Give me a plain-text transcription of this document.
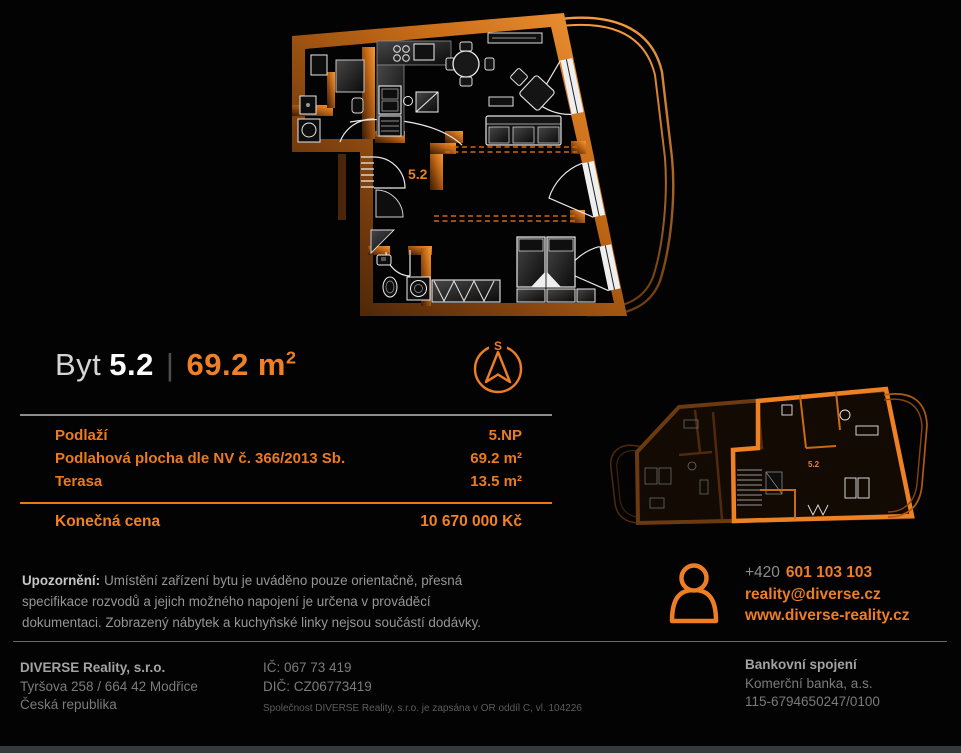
5.2
S
5.2
Byt 5.2 | 69.2 $m^2$
Podlaží	5.NP
Podlahová plocha dle NV č. 366/2013 Sb.	69.2 m²
Terasa	13.5 m²
Konečná cena	10 670 000 Kč
Upozornění: Umístění zařízení bytu je uváděno pouze orientačně, přesná specifikace rozvodů a jejich možného napojení je určena v prováděcí dokumentaci. Zobrazený nábytek a kuchyňské linky nejsou součástí dodávky.
+420 601 103 103
reality@diverse.cz
www.diverse-reality.cz
DIVERSE Reality, s.r.o.
Tyršova 258 / 664 42 Modřice
Česká republika
IČ: 067 73 419
DIČ: CZ06773419
Společnost DIVERSE Reality, s.r.o. je zapsána v OR oddíl C, vl. 104226
Bankovní spojení
Komerční banka, a.s.
115-6794650247/0100
